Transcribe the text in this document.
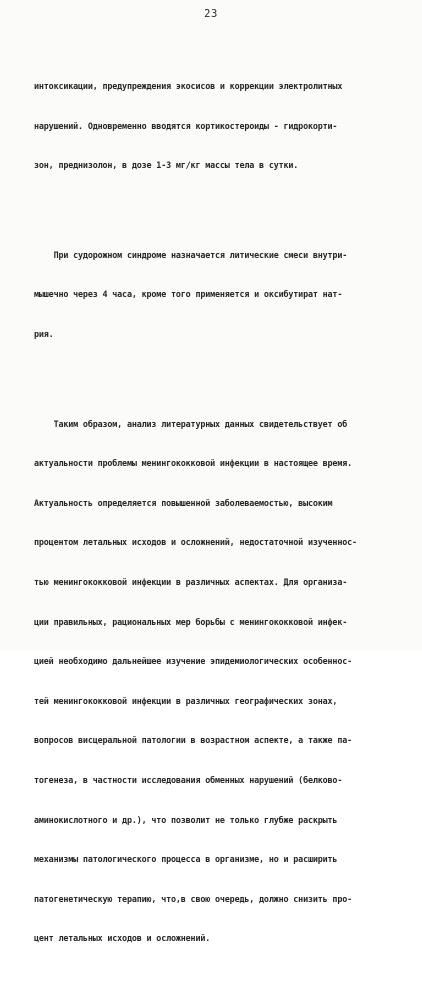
23

интоксикации, предупреждения экосисов и коррекции электролитных

нарушений. Одновременно вводятся кортикостероиды - гидрокорти-

зон, преднизолон, в дозе 1-3 мг/кг массы тела в сутки.

При судорожном синдроме назначается литические смеси внутри-

мышечно через 4 часа, кроме того применяется и оксибутират нат-

рия.

Таким образом, анализ литературных данных свидетельствует об

актуальности проблемы менингококковой инфекции в настоящее время.

Актуальность определяется повышенной заболеваемостью, высоким

процентом летальных исходов и осложнений, недостаточной изученнос-

тью менингококковой инфекции в различных аспектах. Для организа-

ции правильных, рациональных мер борьбы с менингококковой инфек-

цией необходимо дальнейшее изучение эпидемиологических особеннос-

тей менингококковой инфекции в различных географических зонах,

вопросов висцеральной патологии в возрастном аспекте, а также па-

тогенеза, в частности исследования обменных нарушений (белково-

аминокислотного и др.), что позволит не только глубже раскрыть

механизмы патологического процесса в организме, но и расширить

патогенетическую терапию, что,в свою очередь, должно снизить про-

цент летальных исходов и осложнений.
